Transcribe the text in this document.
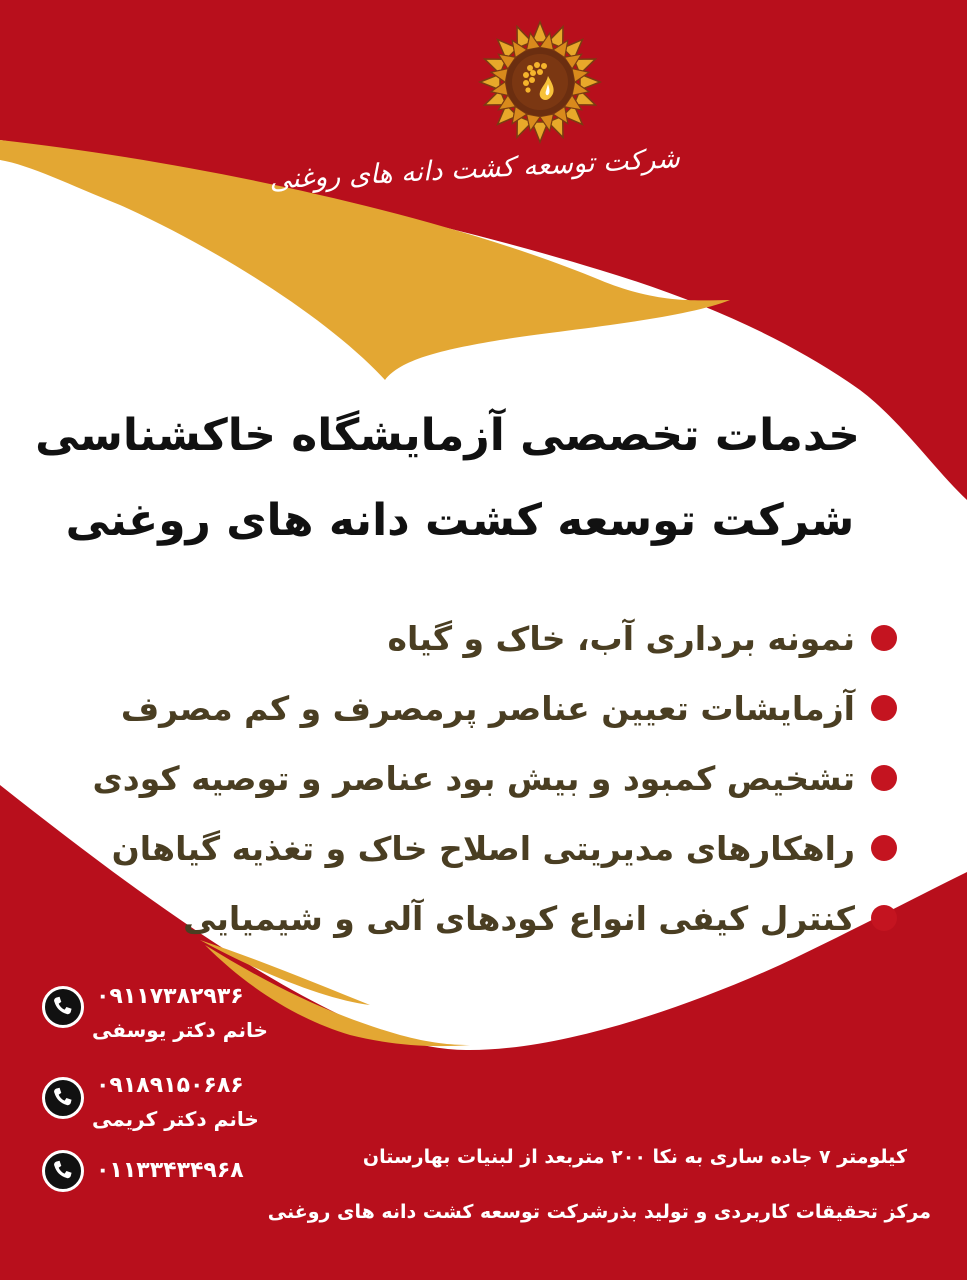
شرکت توسعه کشت دانه های روغنی
خدمات تخصصی آزمایشگاه خاکشناسی
شرکت توسعه کشت دانه های روغنی
نمونه برداری آب، خاک و گیاه
آزمایشات تعیین عناصر پرمصرف و کم مصرف
تشخیص کمبود و بیش بود عناصر و توصیه کودی
راهکارهای مدیریتی اصلاح خاک و تغذیه گیاهان
کنترل کیفی انواع کودهای آلی و شیمیایی
۰۹۱۱۷۳۸۲۹۳۶
خانم دکتر یوسفی
۰۹۱۸۹۱۵۰۶۸۶
خانم دکتر کریمی
۰۱۱۳۳۴۳۴۹۶۸
کیلومتر ۷ جاده ساری به نکا ۲۰۰ متربعد از لبنیات بهارستان
مرکز تحقیقات کاربردی و تولید بذرشرکت توسعه کشت دانه های روغنی
